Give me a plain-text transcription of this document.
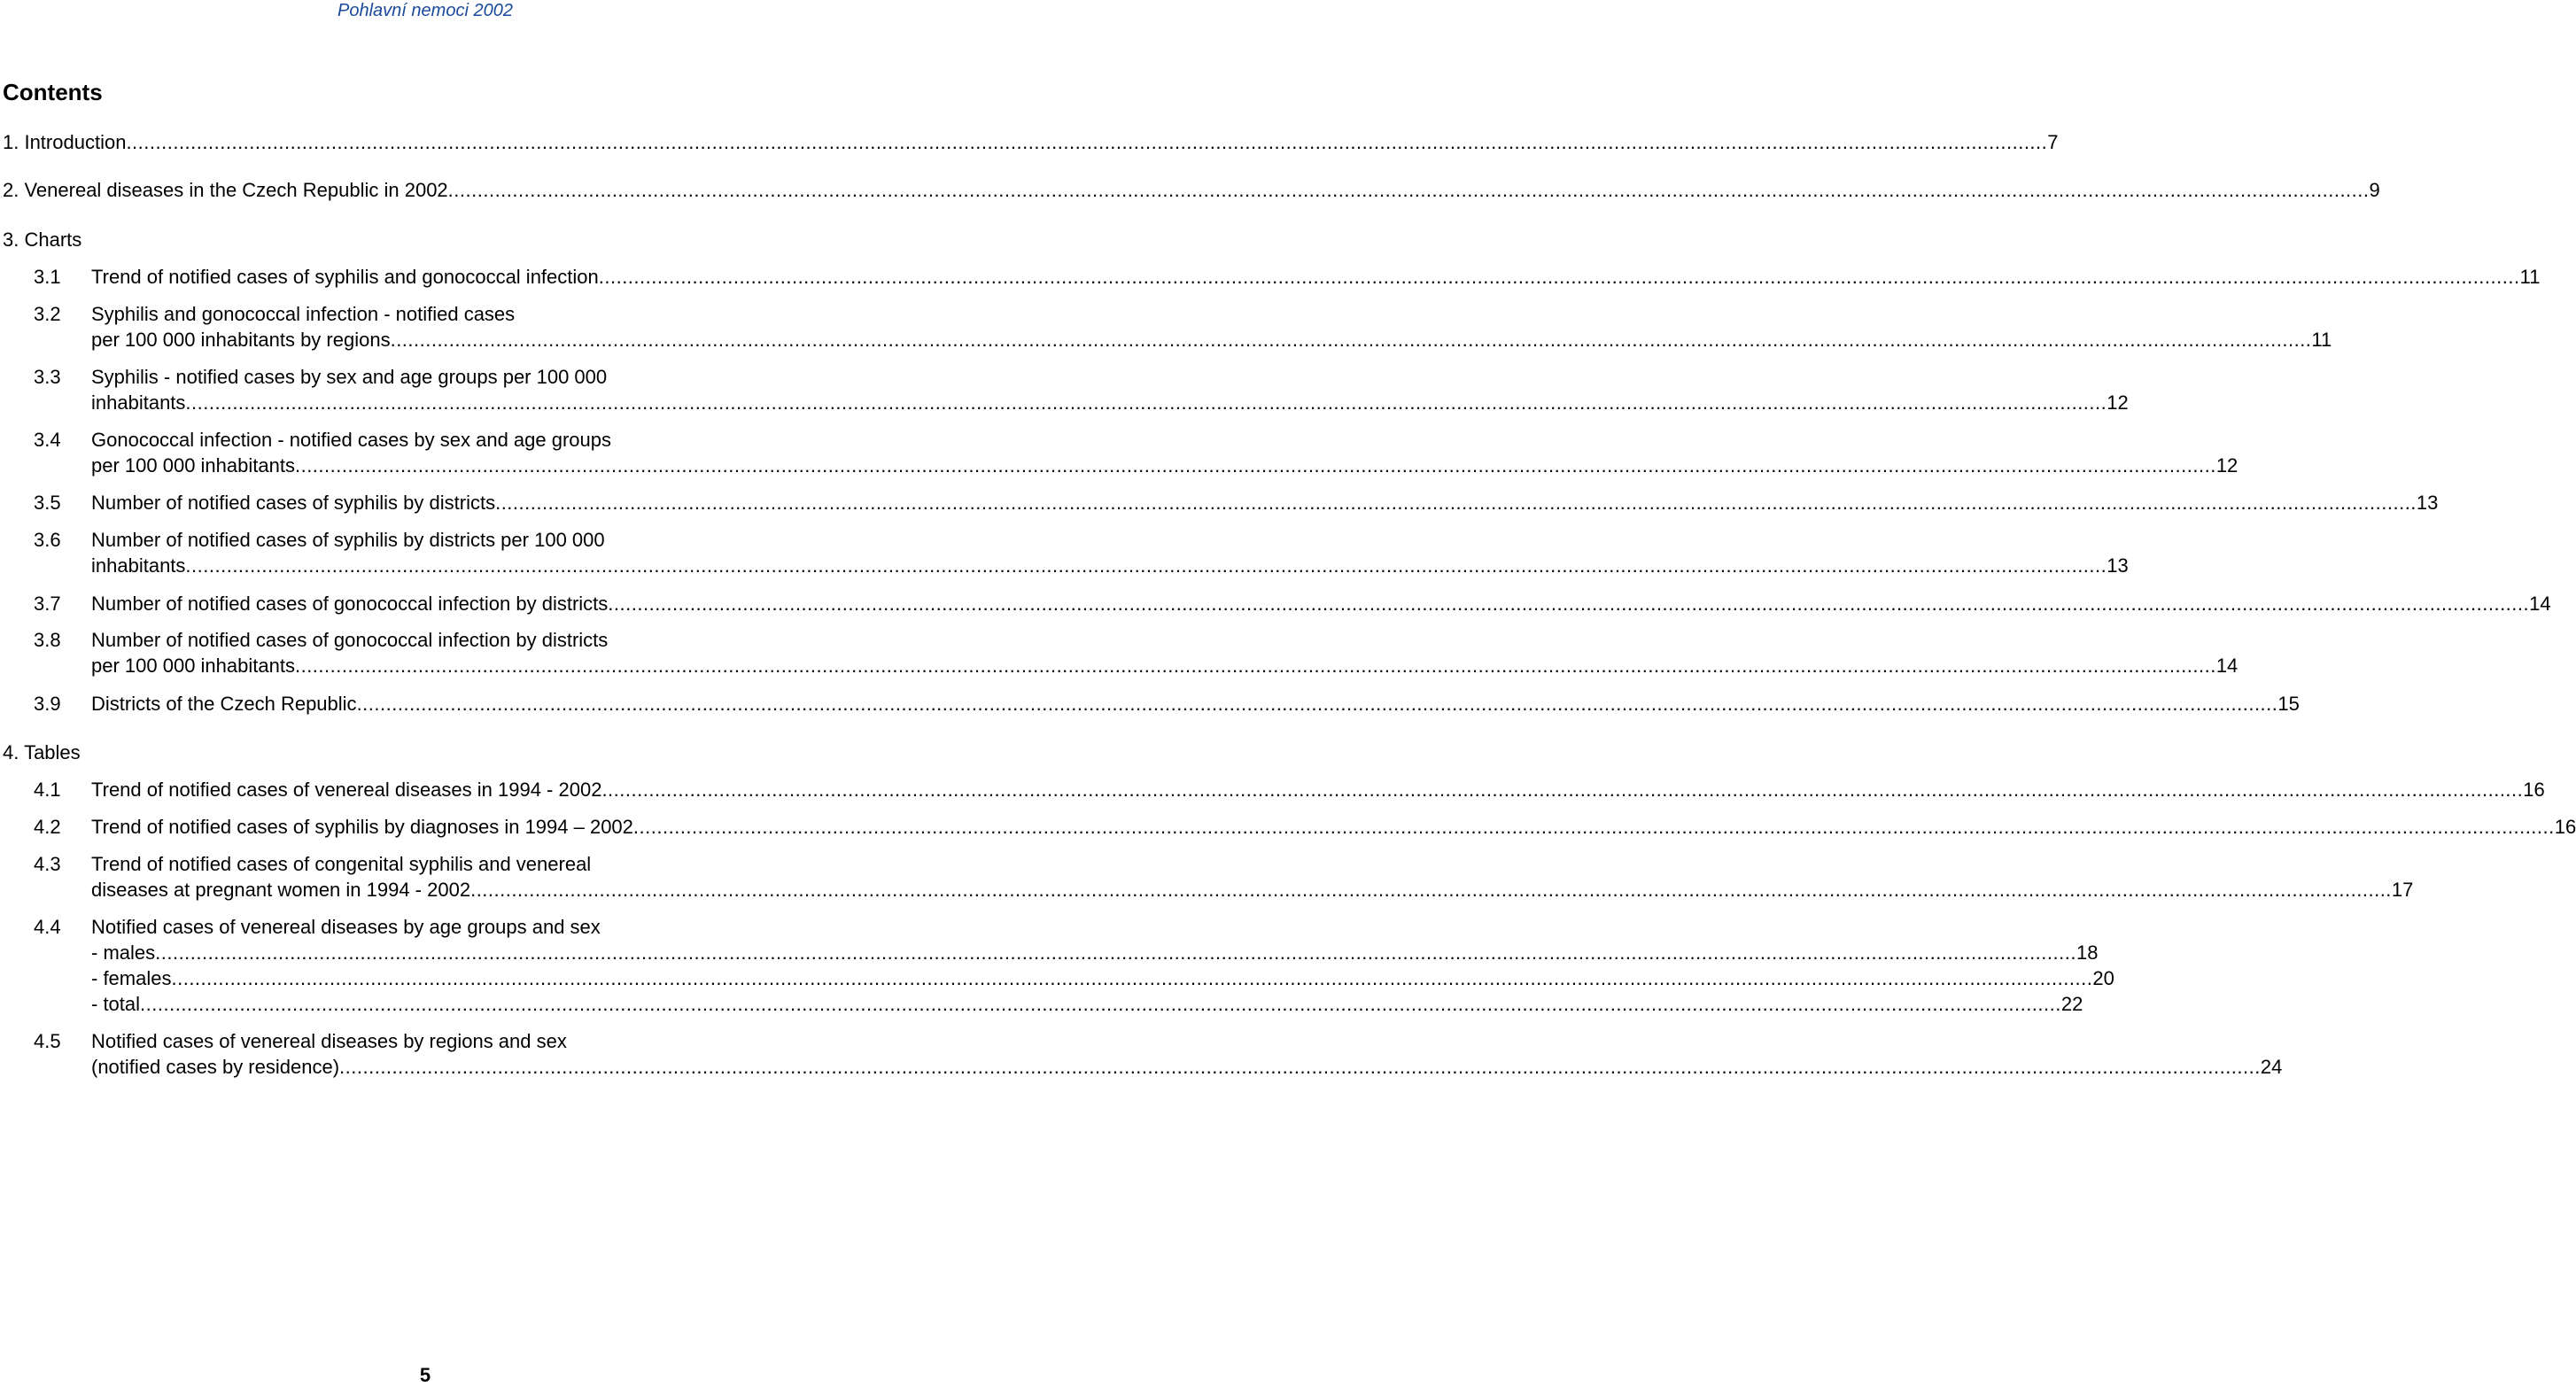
Pohlavní nemoci 2002
Contents
1. Introduction .....	7
2. Venereal diseases in the Czech Republic in 2002 .....	9
3. Charts
3.1 Trend of notified cases of syphilis and gonococcal infection .....	11
3.2 Syphilis and gonococcal infection - notified cases
per 100 000 inhabitants by regions .....	11
3.3 Syphilis - notified cases by sex and age groups per 100 000
inhabitants .....	12
3.4 Gonococcal infection - notified cases by sex and age groups
per 100 000 inhabitants .....	12
3.5 Number of notified cases of syphilis by districts .....	13
3.6 Number of notified cases of syphilis by districts per 100 000
inhabitants .....	13
3.7 Number of notified cases of gonococcal infection by districts .....	14
3.8 Number of notified cases of gonococcal infection by districts
per 100 000 inhabitants .....	14
3.9 Districts of the Czech Republic .....	15
4. Tables
4.1 Trend of notified cases of venereal diseases in 1994 - 2002 .....	16
4.2 Trend of notified cases of syphilis by diagnoses in 1994 – 2002 .....	16
4.3 Trend of notified cases of congenital syphilis and venereal
diseases at pregnant women in 1994 - 2002 .....	17
4.4 Notified cases of venereal diseases by age groups and sex
- males .....	18
- females .....	20
- total .....	22
4.5 Notified cases of venereal diseases by regions and sex
(notified cases by residence) .....	24
5
